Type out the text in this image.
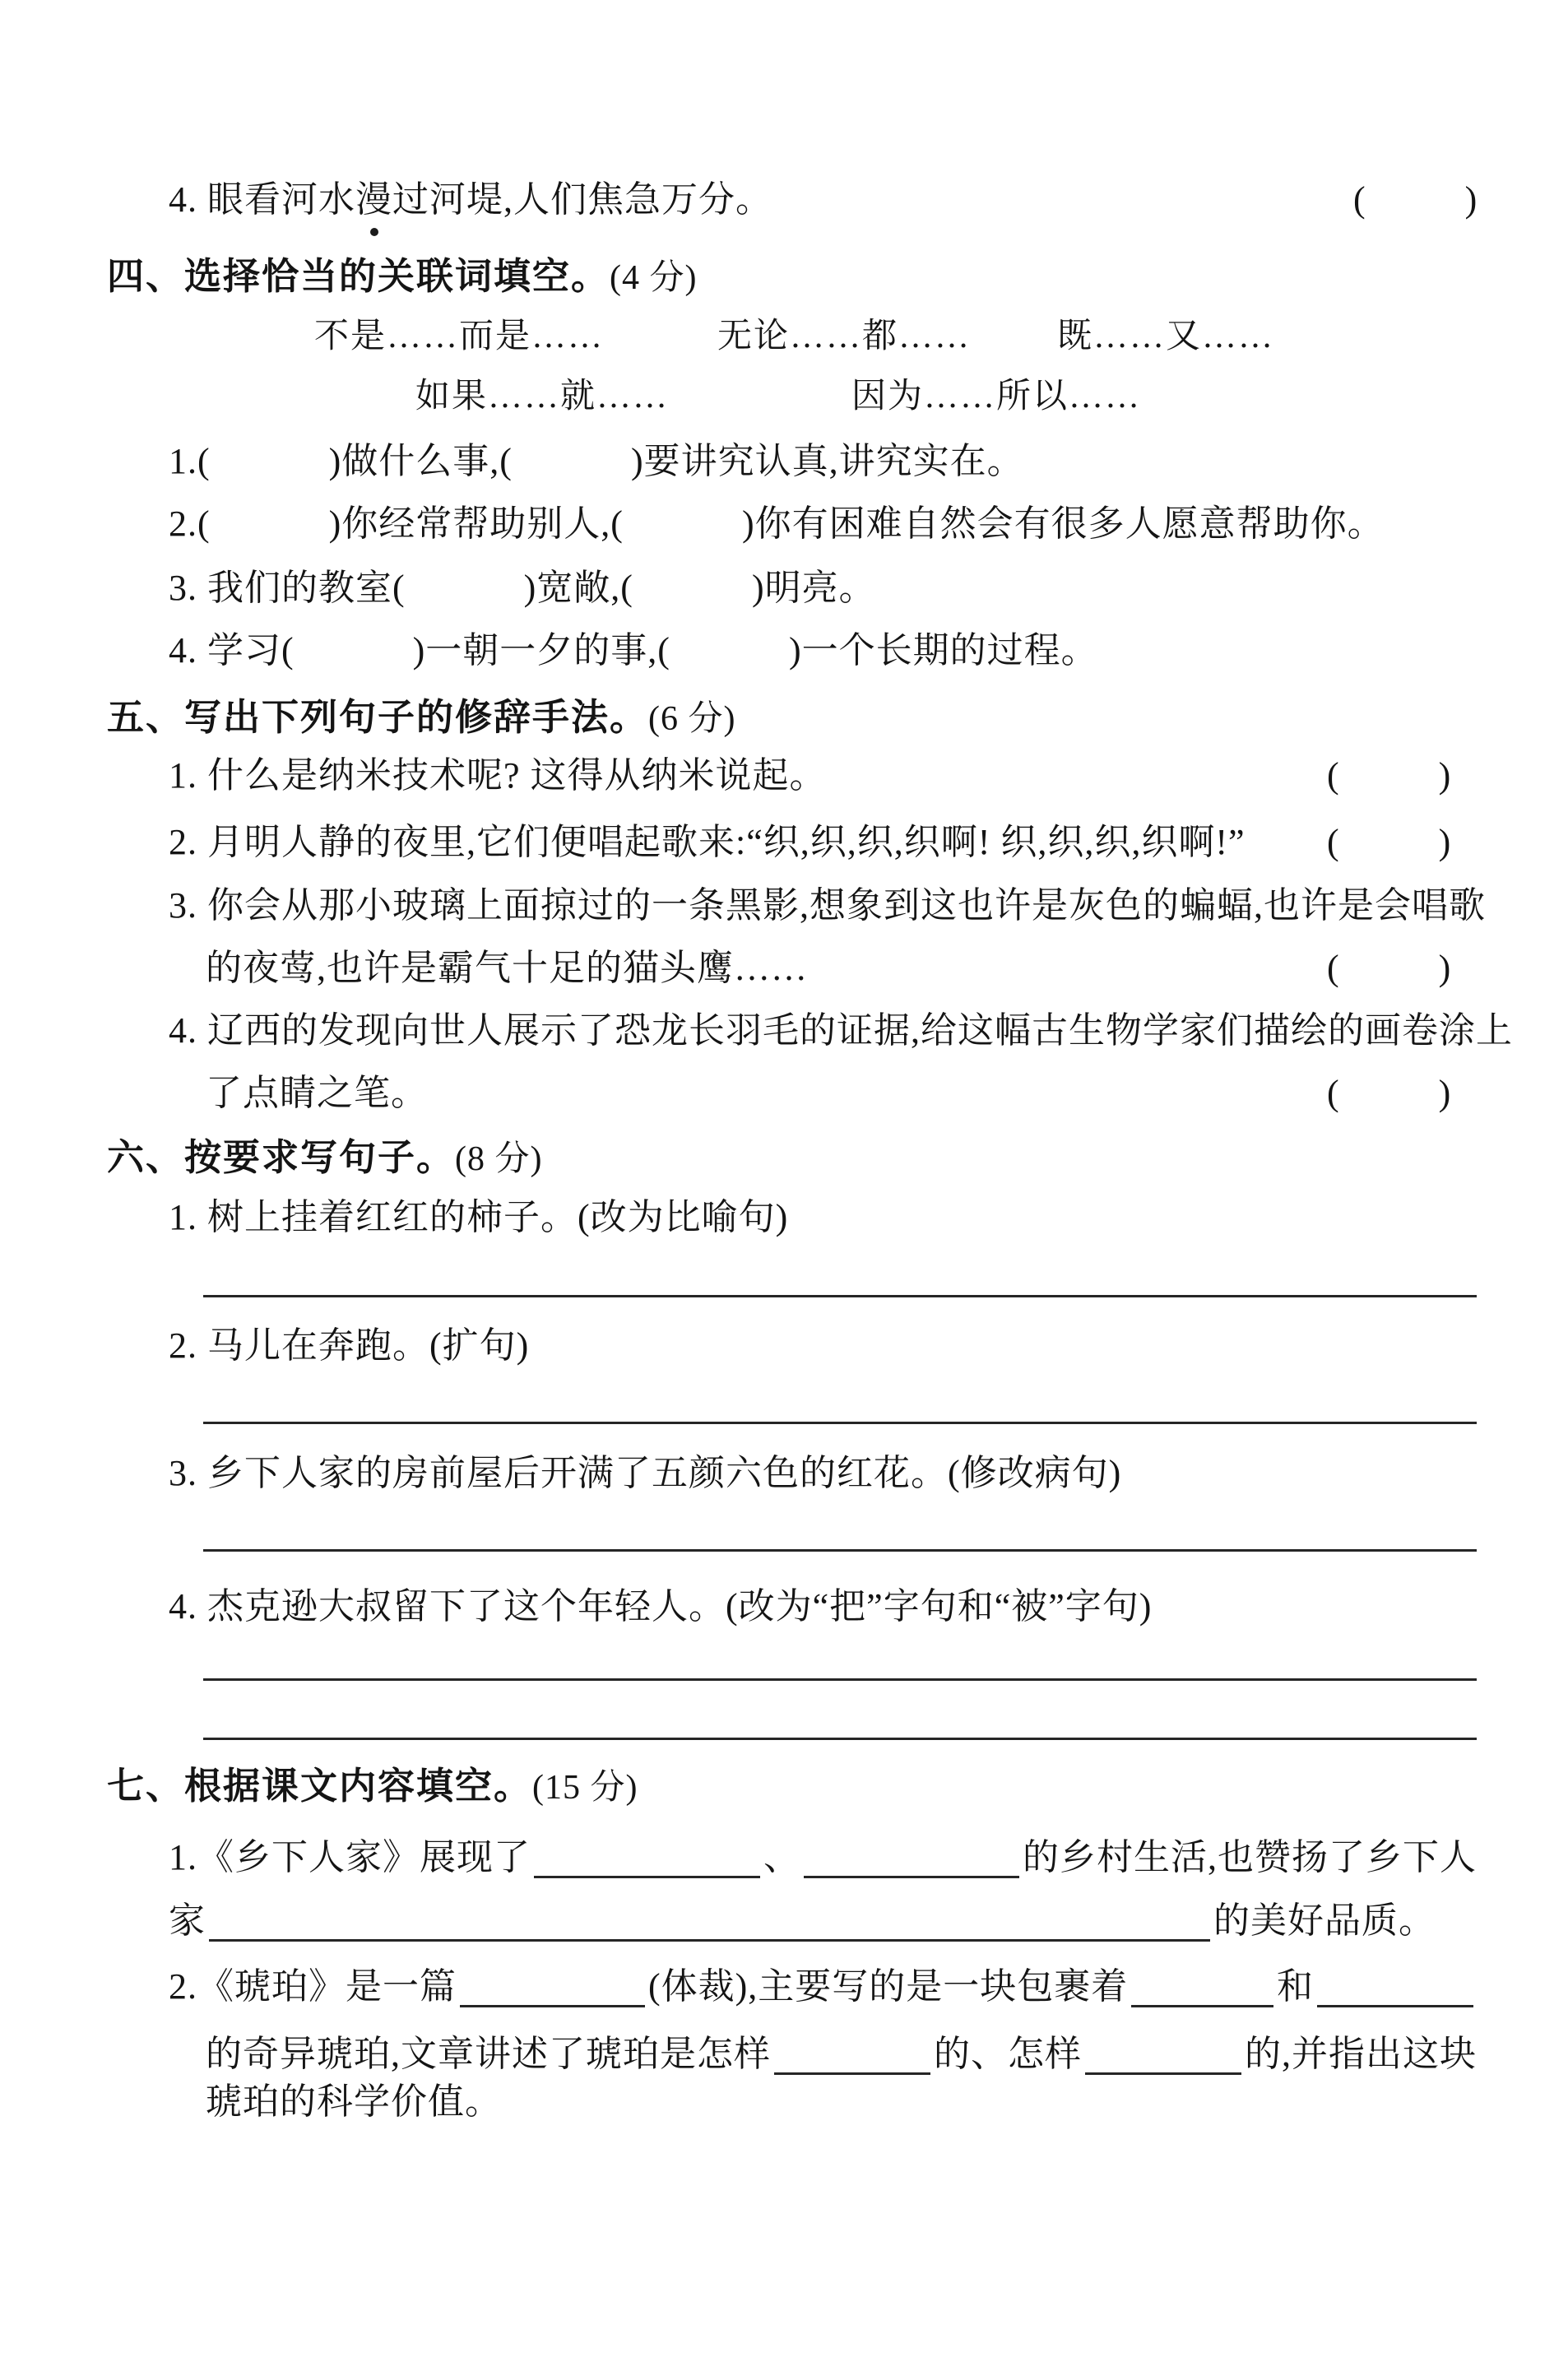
4. 眼看河水漫过河堤,人们焦急万分。	(          )
四、选择恰当的关联词填空。(4 分)
不是……而是……	无论……都…… 既……又……
如果……就……	因为……所以……
1.(            )做什么事,(            )要讲究认真,讲究实在。
2.(            )你经常帮助别人,(            )你有困难自然会有很多人愿意帮助你。
3. 我们的教室(            )宽敞,(            )明亮。
4. 学习(            )一朝一夕的事,(            )一个长期的过程。
五、写出下列句子的修辞手法。(6 分)
1. 什么是纳米技术呢? 这得从纳米说起。	(          )
2. 月明人静的夜里,它们便唱起歌来:“织,织,织,织啊! 织,织,织,织啊!” (          )
3. 你会从那小玻璃上面掠过的一条黑影,想象到这也许是灰色的蝙蝠,也许是会唱歌
的夜莺,也许是霸气十足的猫头鹰……	(          )
4. 辽西的发现向世人展示了恐龙长羽毛的证据,给这幅古生物学家们描绘的画卷涂上
了点睛之笔。	(          )
六、按要求写句子。(8 分)
1. 树上挂着红红的柿子。(改为比喻句)
2. 马儿在奔跑。(扩句)
3. 乡下人家的房前屋后开满了五颜六色的红花。(修改病句)
4. 杰克逊大叔留下了这个年轻人。(改为“把”字句和“被”字句)
七、根据课文内容填空。(15 分)
1.《乡下人家》展现了	、	的乡村生活,也赞扬了乡下人
家	的美好品质。
2.《琥珀》是一篇	(体裁),主要写的是一块包裹着	和
的奇异琥珀,文章讲述了琥珀是怎样	的、怎样	的,并指出这块
琥珀的科学价值。
